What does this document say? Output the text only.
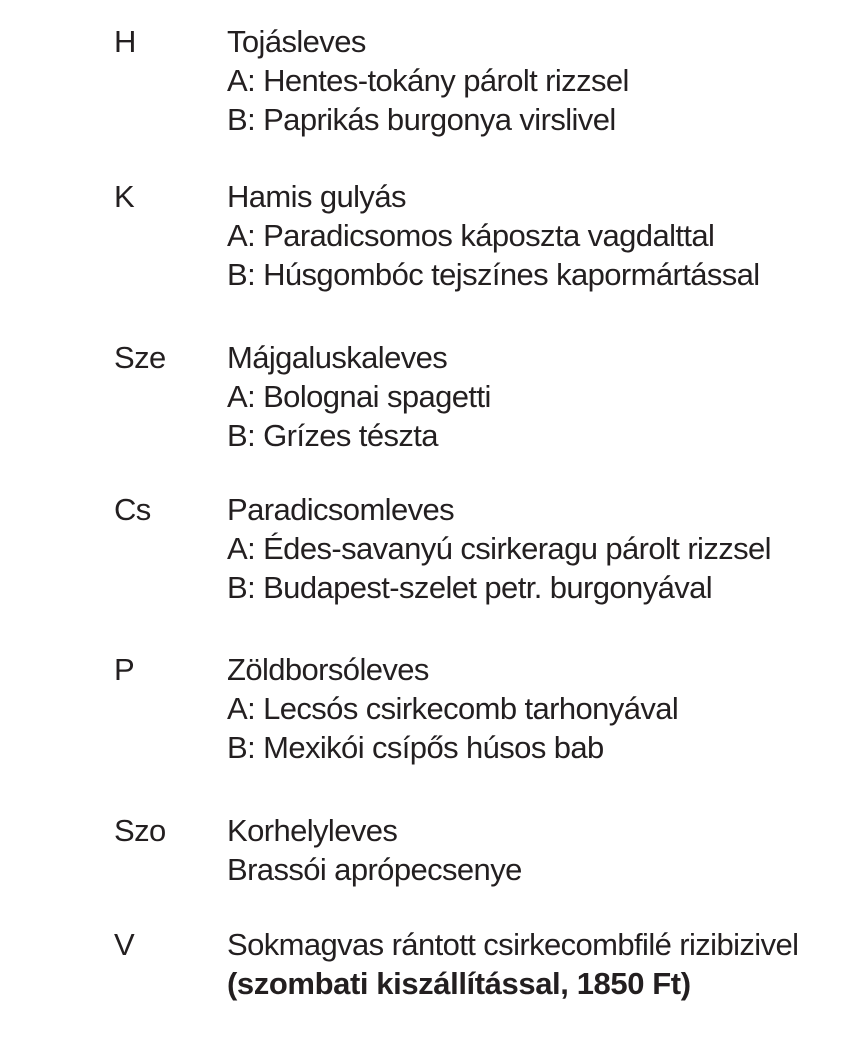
H	Tojásleves
A: Hentes-tokány párolt rizzsel
B: Paprikás burgonya virslivel
K	Hamis gulyás
A: Paradicsomos káposzta vagdalttal
B: Húsgombóc tejszínes kapormártással
Sze Májgaluskaleves
A: Bolognai spagetti
B: Grízes tészta
Cs Paradicsomleves
A: Édes-savanyú csirkeragu párolt rizzsel
B: Budapest-szelet petr. burgonyával
P	Zöldborsóleves
A: Lecsós csirkecomb tarhonyával
B: Mexikói csípős húsos bab
Szo Korhelyleves
Brassói aprópecsenye
V	Sokmagvas rántott csirkecombfilé rizibizivel
(szombati kiszállítással, 1850 Ft)
